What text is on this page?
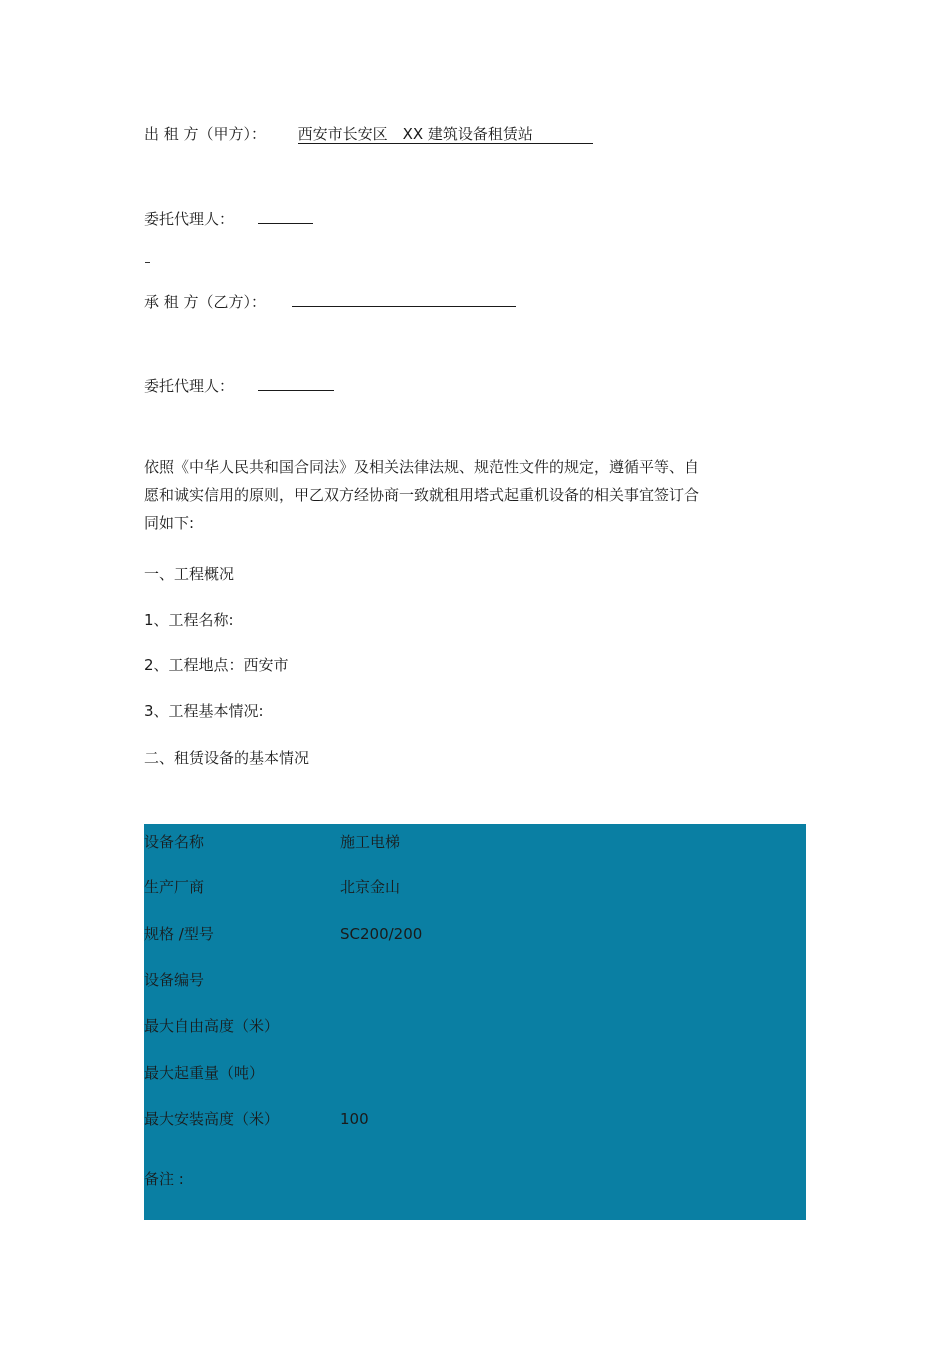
出 租 方（甲方）： 西安市长安区　XX 建筑设备租赁站
委托代理人：
承 租 方（乙方）：
委托代理人：
依照《中华人民共和国合同法》及相关法律法规、规范性文件的规定，遵循平等、自
愿和诚实信用的原则，甲乙双方经协商一致就租用塔式起重机设备的相关事宜签订合
同如下:
一、工程概况
1、工程名称:
2、工程地点：西安市
3、工程基本情况:
二、租赁设备的基本情况
设备名称	施工电梯
生产厂商	北京金山
规格 /型号	SC200/200
设备编号
最大自由高度（米）
最大起重量（吨）
最大安装高度（米）	100
备注 :
